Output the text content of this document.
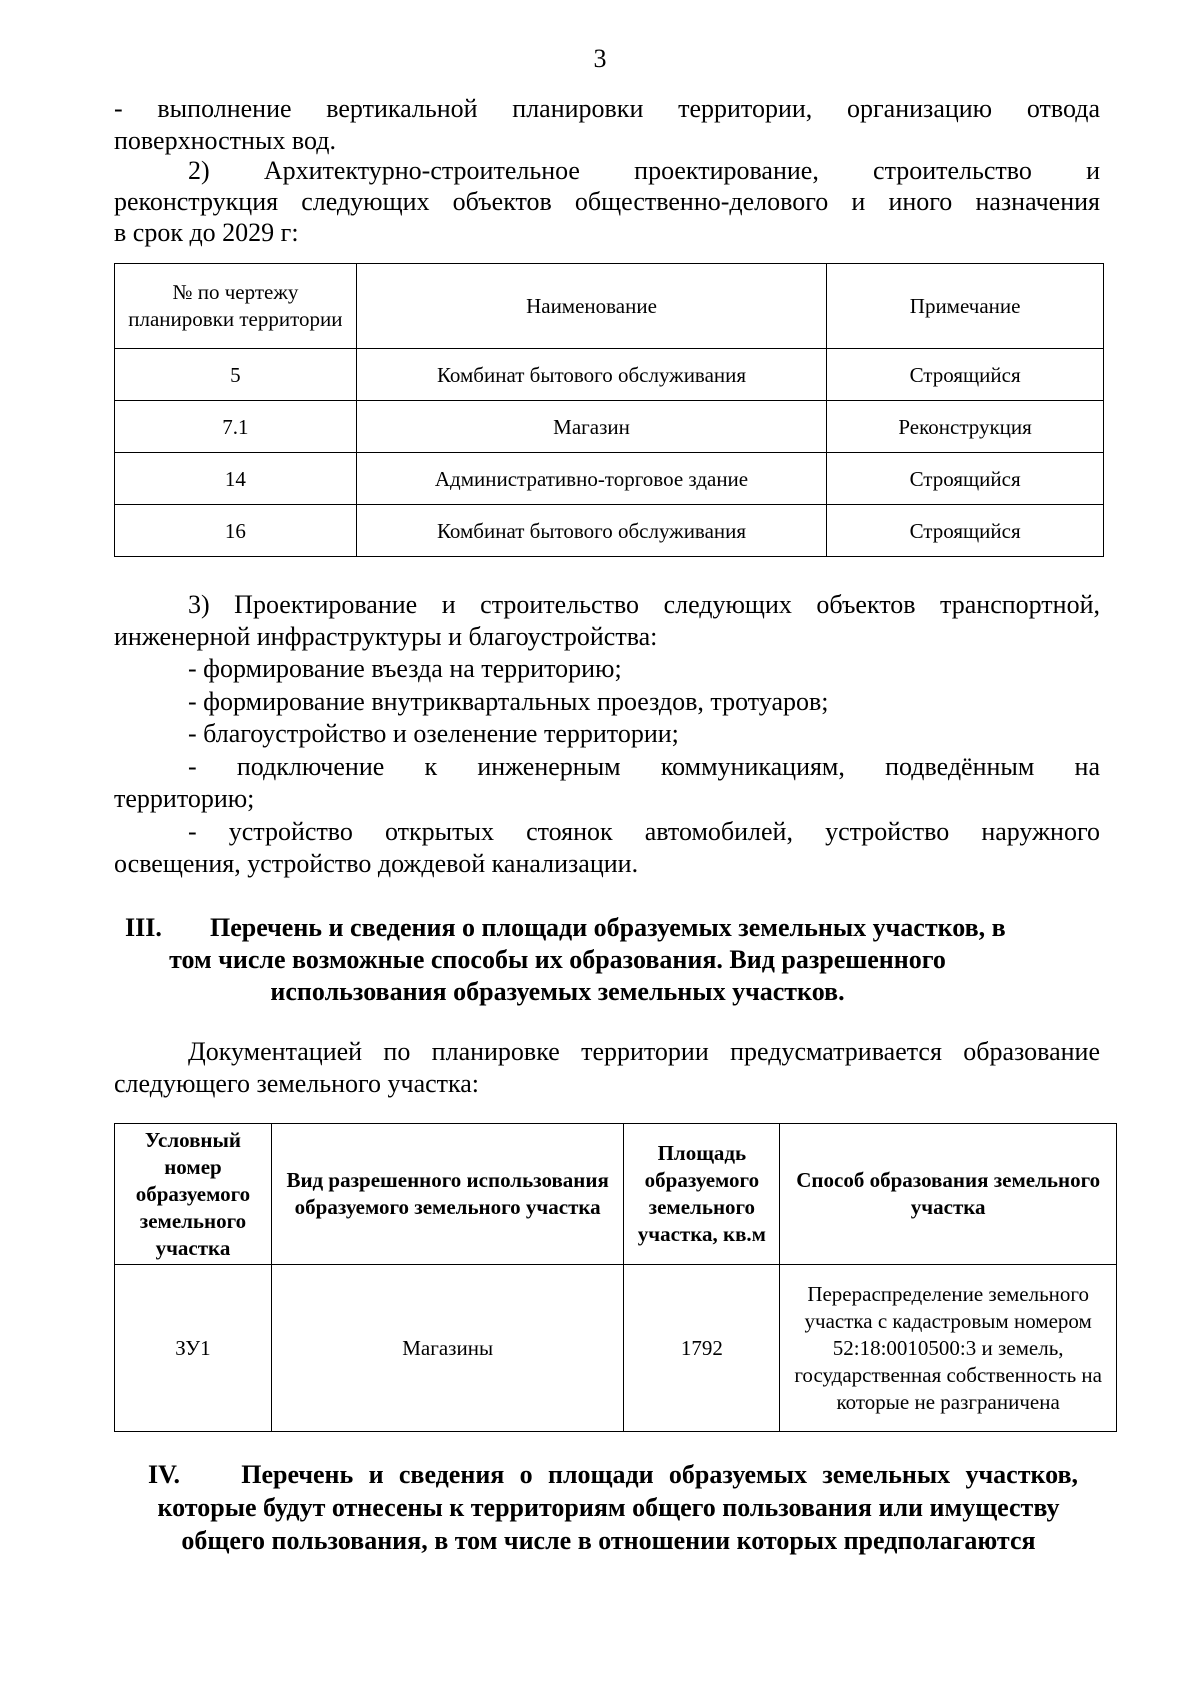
3

- выполнение вертикальной планировки территории, организацию отвода

поверхностных вод.

2)    Архитектурно-строительное    проектирование,    строительство    и

реконструкция следующих объектов общественно-делового и иного назначения

в срок до 2029 г:

№ по чертежу планировки территории	Наименование	Примечание
5	Комбинат бытового обслуживания	Строящийся
7.1	Магазин	Реконструкция
14	Административно-торговое здание	Строящийся
16	Комбинат бытового обслуживания	Строящийся

3) Проектирование и строительство следующих объектов транспортной,

инженерной инфраструктуры и благоустройства:

- формирование въезда на территорию;

- формирование внутриквартальных проездов, тротуаров;

- благоустройство и озеленение территории;

-    подключение    к    инженерным    коммуникациям,    подведённым    на

территорию;

-  устройство  открытых  стоянок  автомобилей,  устройство  наружного

освещения, устройство дождевой канализации.

III. Перечень и сведения о площади образуемых земельных участков, в
том числе возможные способы их образования. Вид разрешенного
использования образуемых земельных участков.

Документацией по планировке территории предусматривается образование

следующего земельного участка:

Условный номер образуемого земельного участка	Вид разрешенного использования образуемого земельного участка	Площадь образуемого земельного участка, кв.м	Способ образования земельного участка
ЗУ1	Магазины	1792	Перераспределение земельного участка с кадастровым номером 52:18:0010500:3 и земель, государственная собственность на которые не разграничена
IV.    Перечень и сведения о площади образуемых земельных участков,
которые будут отнесены к территориям общего пользования или имуществу
общего пользования, в том числе в отношении которых предполагаются
